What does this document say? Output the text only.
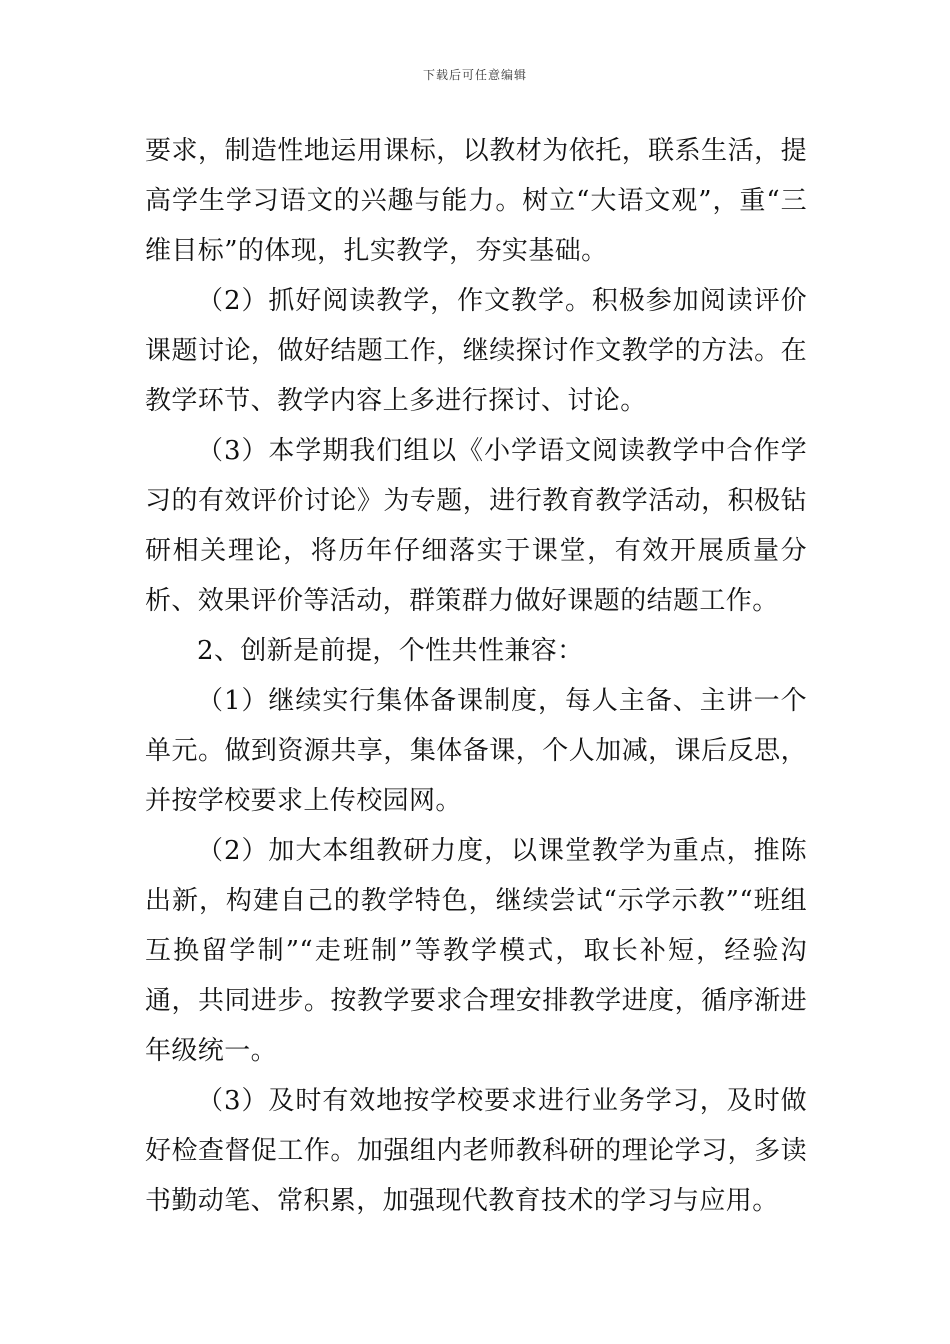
下载后可任意编辑

要求，制造性地运用课标，以教材为依托，联系生活，提高学生学习语文的兴趣与能力。树立“大语文观”，重“三维目标”的体现，扎实教学，夯实基础。

（2）抓好阅读教学，作文教学。积极参加阅读评价课题讨论，做好结题工作，继续探讨作文教学的方法。在教学环节、教学内容上多进行探讨、讨论。

（3）本学期我们组以《小学语文阅读教学中合作学习的有效评价讨论》为专题，进行教育教学活动，积极钻研相关理论，将历年仔细落实于课堂，有效开展质量分析、效果评价等活动，群策群力做好课题的结题工作。

2、创新是前提，个性共性兼容：

（1）继续实行集体备课制度，每人主备、主讲一个单元。做到资源共享，集体备课，个人加减，课后反思，并按学校要求上传校园网。

（2）加大本组教研力度，以课堂教学为重点，推陈出新，构建自己的教学特色，继续尝试“示学示教”“班组互换留学制”“走班制”等教学模式，取长补短，经验沟通，共同进步。按教学要求合理安排教学进度，循序渐进年级统一。

（3）及时有效地按学校要求进行业务学习，及时做好检查督促工作。加强组内老师教科研的理论学习，多读书勤动笔、常积累，加强现代教育技术的学习与应用。
